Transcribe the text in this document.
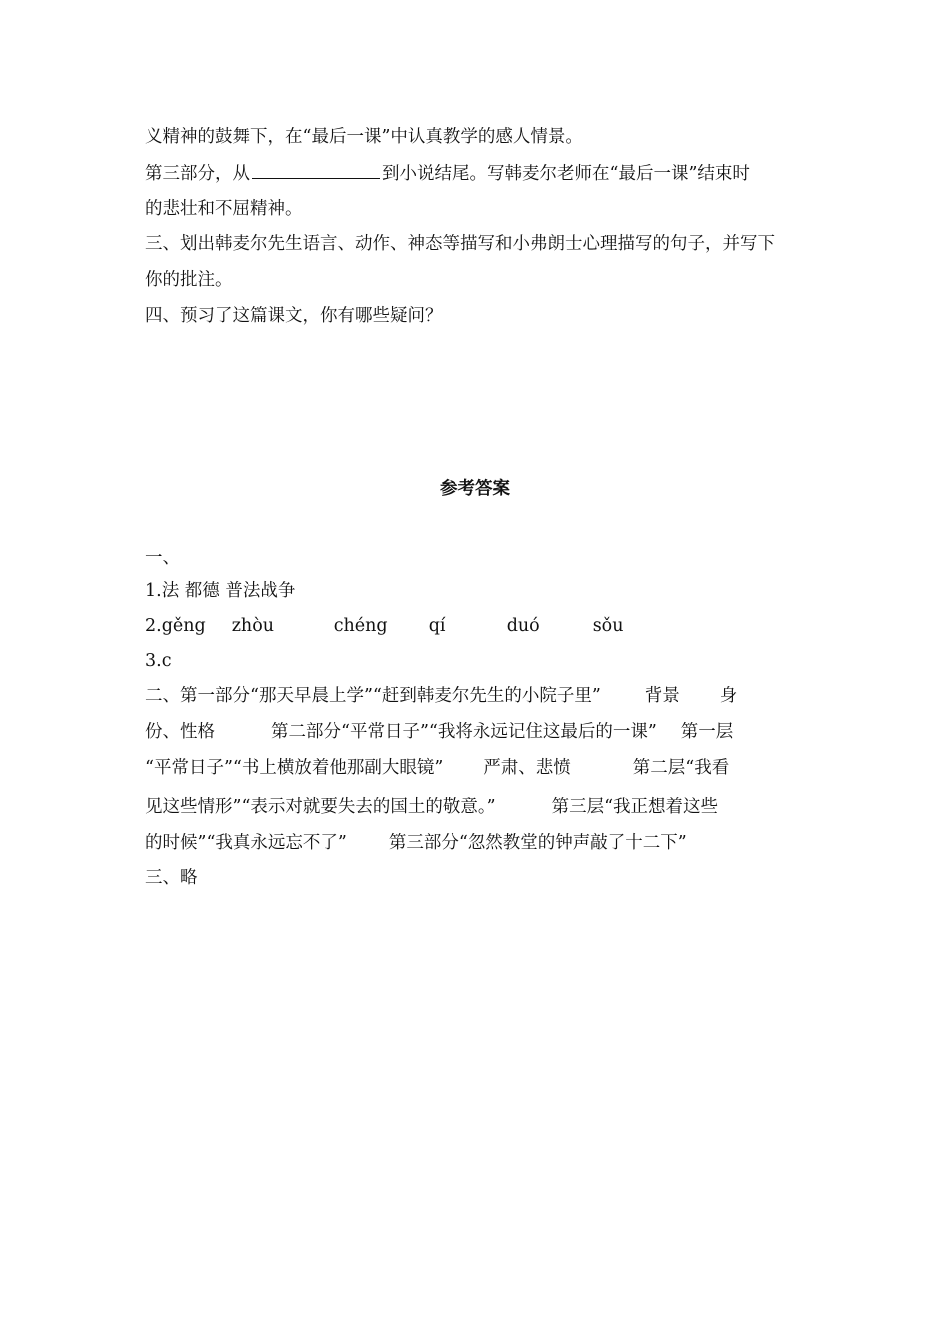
义精神的鼓舞下，在“最后一课”中认真教学的感人情景。
第三部分，从	到小说结尾。写韩麦尔老师在“最后一课”结束时
的悲壮和不屈精神。
三、划出韩麦尔先生语言、动作、神态等描写和小弗朗士心理描写的句子，并写下
你的批注。
四、预习了这篇课文，你有哪些疑问？
参考答案
一、
1.法 都德 普法战争
2.gěng zhòu	chéng qí	duó	sǒu
3.c
二、第一部分“那天早晨上学”“赶到韩麦尔先生的小院子里”	背景 身
份、性格	第二部分“平常日子”“我将永远记住这最后的一课” 第一层
“平常日子”“书上横放着他那副大眼镜” 严肃、悲愤	第二层“我看
见这些情形”“表示对就要失去的国土的敬意。”	第三层“我正想着这些
的时候”“我真永远忘不了” 第三部分“忽然教堂的钟声敲了十二下”
三、略
